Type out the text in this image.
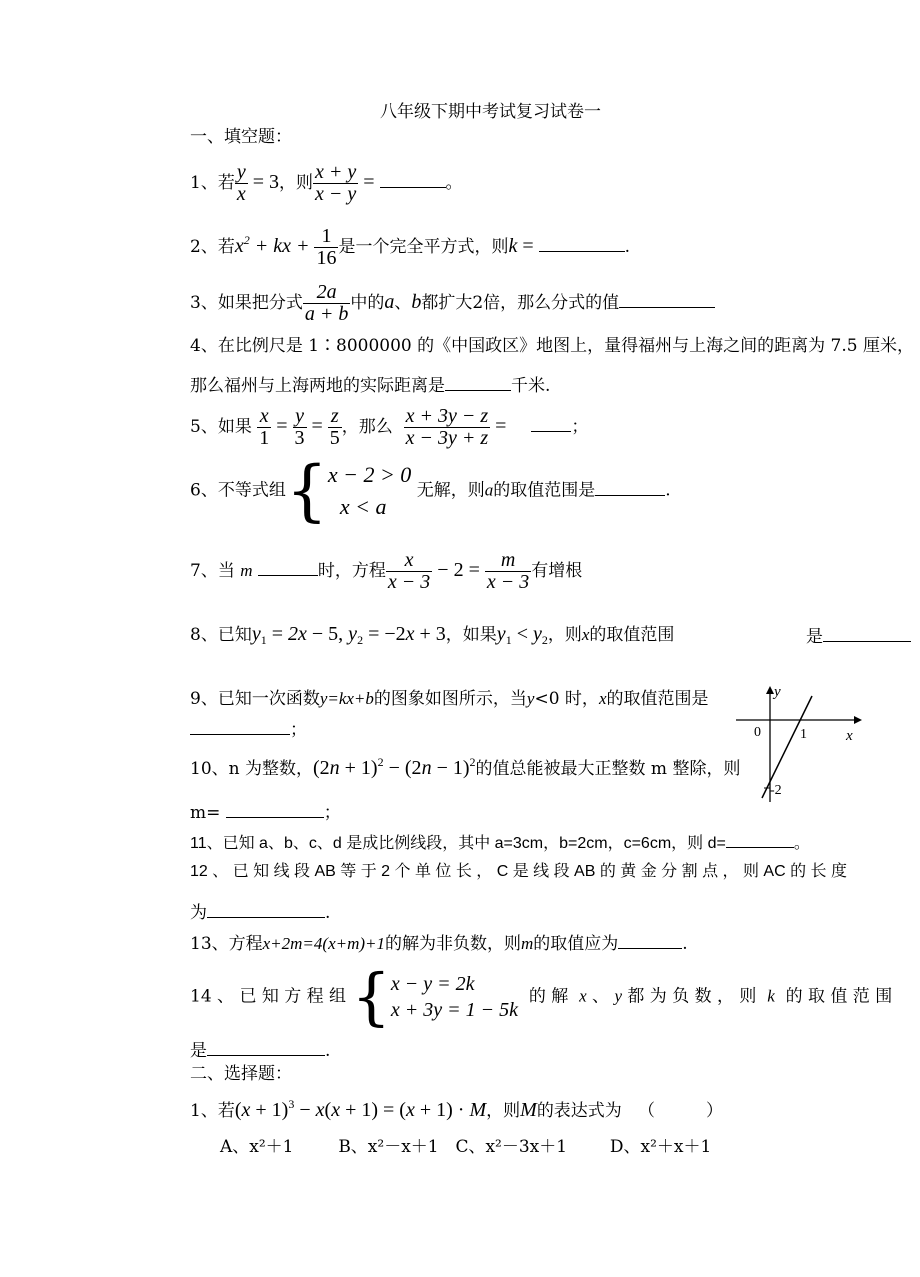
八年级下期中考试复习试卷一
一、填空题：
1、若 $\frac{y}{x} = 3$，则 $\frac{x + y}{x - y}$ =	。
2、若$x^2$ + kx + $\frac{1}{16}$ 是一个完全平方式，则k =	.
3、如果把分式 $\frac{2a}{a + b}$ 中的a、b都扩大2倍，那么分式的值
4、在比例尺是 1∶8000000 的《中国政区》地图上，量得福州与上海之间的距离为 7.5 厘米，
那么福州与上海两地的实际距离是	千米.
5、如果 $\frac{x}{1} = \frac{y}{3} = \frac{z}{5}$ ，那么 $\frac{x + 3y - z}{x - 3y + z}$ =     ；
6、不等式组{ x − 2 > 0
x < a
无解，则a的取值范围是	.
7、当 m	时，方程 $\frac{x}{x - 3} - 2 = \frac{m}{x - 3}$ 有增根
8、已知$y_1 = 2x - 5$, $y_2 = -2x + 3$，如果$y_1 < y_2$，则x的取值范围	是
9、已知一次函数y=kx+b的图象如图所示，当y<0 时，x的取值范围是
；
y
x
0	1
-2
10、n 为整数，$(2n + 1)^2 - (2n - 1)^2$的值总能被最大正整数 m 整除，则
m=	；
11、已知 a、b、c、d 是成比例线段，其中 a=3cm，b=2cm，c=6cm，则 d=	。
12 、 已 知 线 段 AB 等 于 2 个 单 位 长 ， C 是 线 段 AB 的 黄 金 分 割 点 ， 则 AC 的 长 度
为	.
13、方程x+2m=4(x+m)+1的解为非负数，则m的取值应为	.
14 、 已 知 方 程 组 { x − y = 2k
x + 3y = 1 − 5k
的 解 x 、 y 都 为 负 数 ， 则 k 的 取 值 范 围
是	.
二、选择题：
1、若$(x + 1)^3 - x(x + 1) = (x + 1) \cdot M$，则M的表达式为 （　　　）
A、x²＋1	B、x²－x＋1 C、x²－3x＋1	D、x²＋x＋1
